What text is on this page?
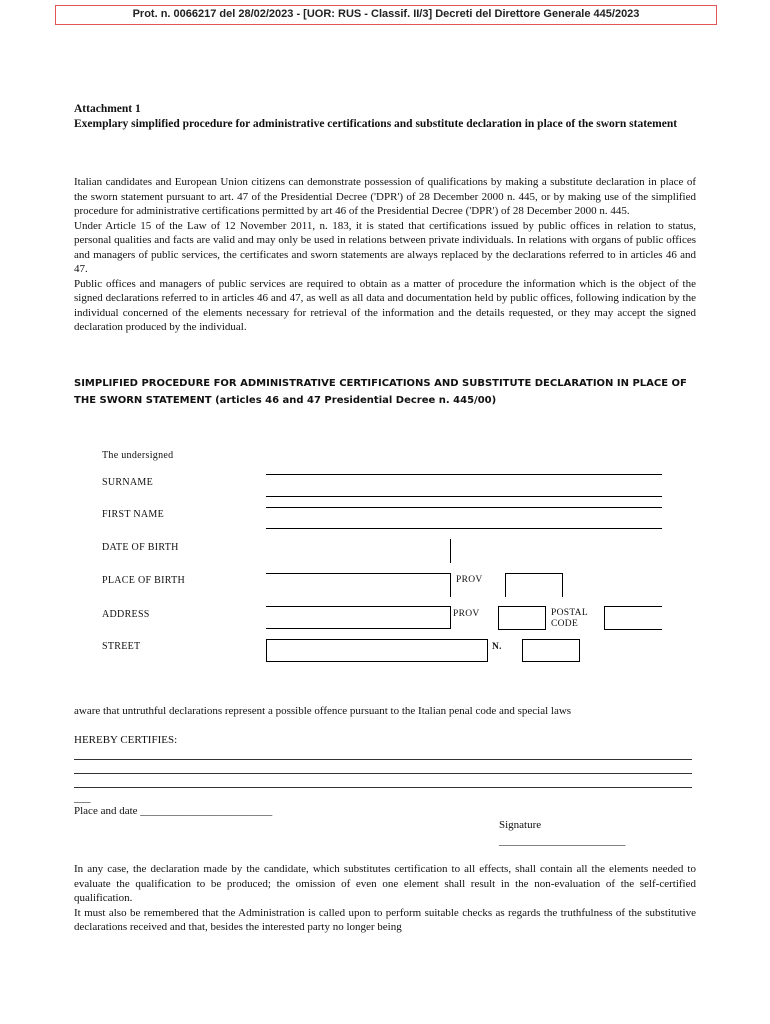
Prot. n. 0066217 del 28/02/2023 - [UOR: RUS - Classif. II/3] Decreti del Direttore Generale 445/2023
Attachment 1
Exemplary simplified procedure for administrative certifications and substitute declaration in place of the sworn statement
Italian candidates and European Union citizens can demonstrate possession of qualifications by making a substitute declaration in place of the sworn statement pursuant to art. 47 of the Presidential Decree ('DPR') of 28 December 2000 n. 445, or by making use of the simplified procedure for administrative certifications permitted by art 46 of the Presidential Decree ('DPR') of 28 December 2000 n. 445.
Under Article 15 of the Law of 12 November 2011, n. 183, it is stated that certifications issued by public offices in relation to status, personal qualities and facts are valid and may only be used in relations between private individuals. In relations with organs of public offices and managers of public services, the certificates and sworn statements are always replaced by the declarations referred to in articles 46 and 47.
Public offices and managers of public services are required to obtain as a matter of procedure the information which is the object of the signed declarations referred to in articles 46 and 47, as well as all data and documentation held by public offices, following indication by the individual concerned of the elements necessary for retrieval of the information and the details requested, or they may accept the signed declaration produced by the individual.
SIMPLIFIED PROCEDURE FOR ADMINISTRATIVE CERTIFICATIONS AND SUBSTITUTE DECLARATION IN PLACE OF THE SWORN STATEMENT (articles 46 and 47 Presidential Decree n. 445/00)
The undersigned
SURNAME
FIRST NAME
DATE OF BIRTH
PLACE OF BIRTH	PROV
ADDRESS	PROV	POSTAL
CODE
STREET	N.
aware that untruthful declarations represent a possible offence pursuant to the Italian penal code and special laws
HEREBY CERTIFIES:
___
Place and date ________________________
Signature
_______________________
In any case, the declaration made by the candidate, which substitutes certification to all effects, shall contain all the elements needed to evaluate the qualification to be produced; the omission of even one element shall result in the non-evaluation of the self-certified qualification.
It must also be remembered that the Administration is called upon to perform suitable checks as regards the truthfulness of the substitutive declarations received and that, besides the interested party no longer being
